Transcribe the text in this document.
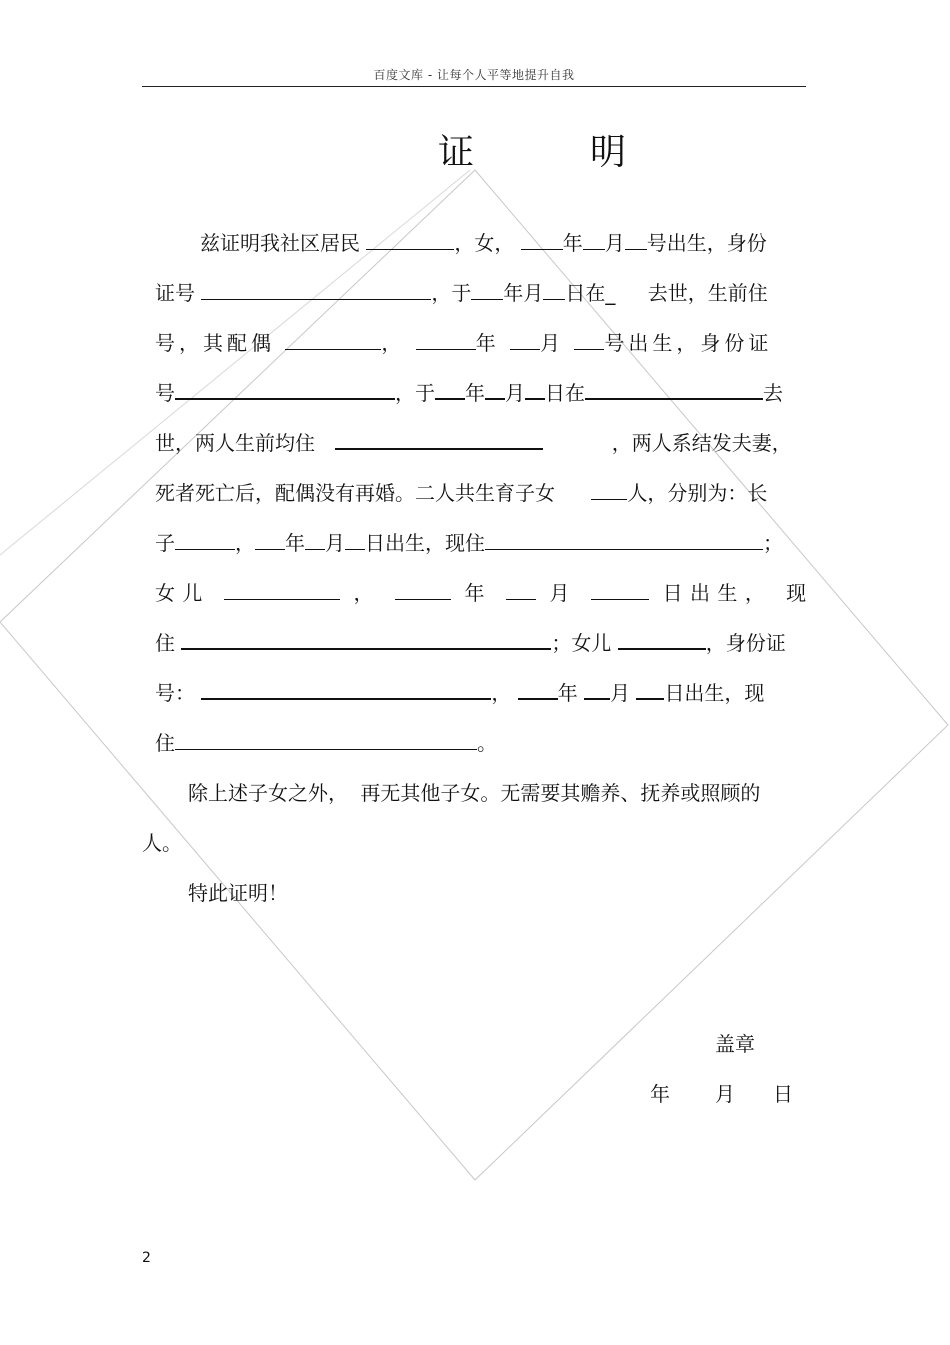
百度文库 - 让每个人平等地提升自我
证	明
兹证明我社区居民	，女， 年 月 号出生，身份
证号	，于 年月 日在_ 去世，生前住
号，其配偶	，	年 月 号出生，身份证
号	，于 年 月 日在	去
世，两人生前均住	，两人系结发夫妻，
死者死亡后，配偶没有再婚。二人共生育子女	人，分别为：长
子	， 年 月 日出生，现住	；
女儿	，	年	月	日出生， 现
住	；女儿	，身份证
号：	， 年 月 日出生，现
住	。
除上述子女之外， 再无其他子女。无需要其赡养、抚养或照顾的
人。
特此证明！
盖章
年 月 日
2
